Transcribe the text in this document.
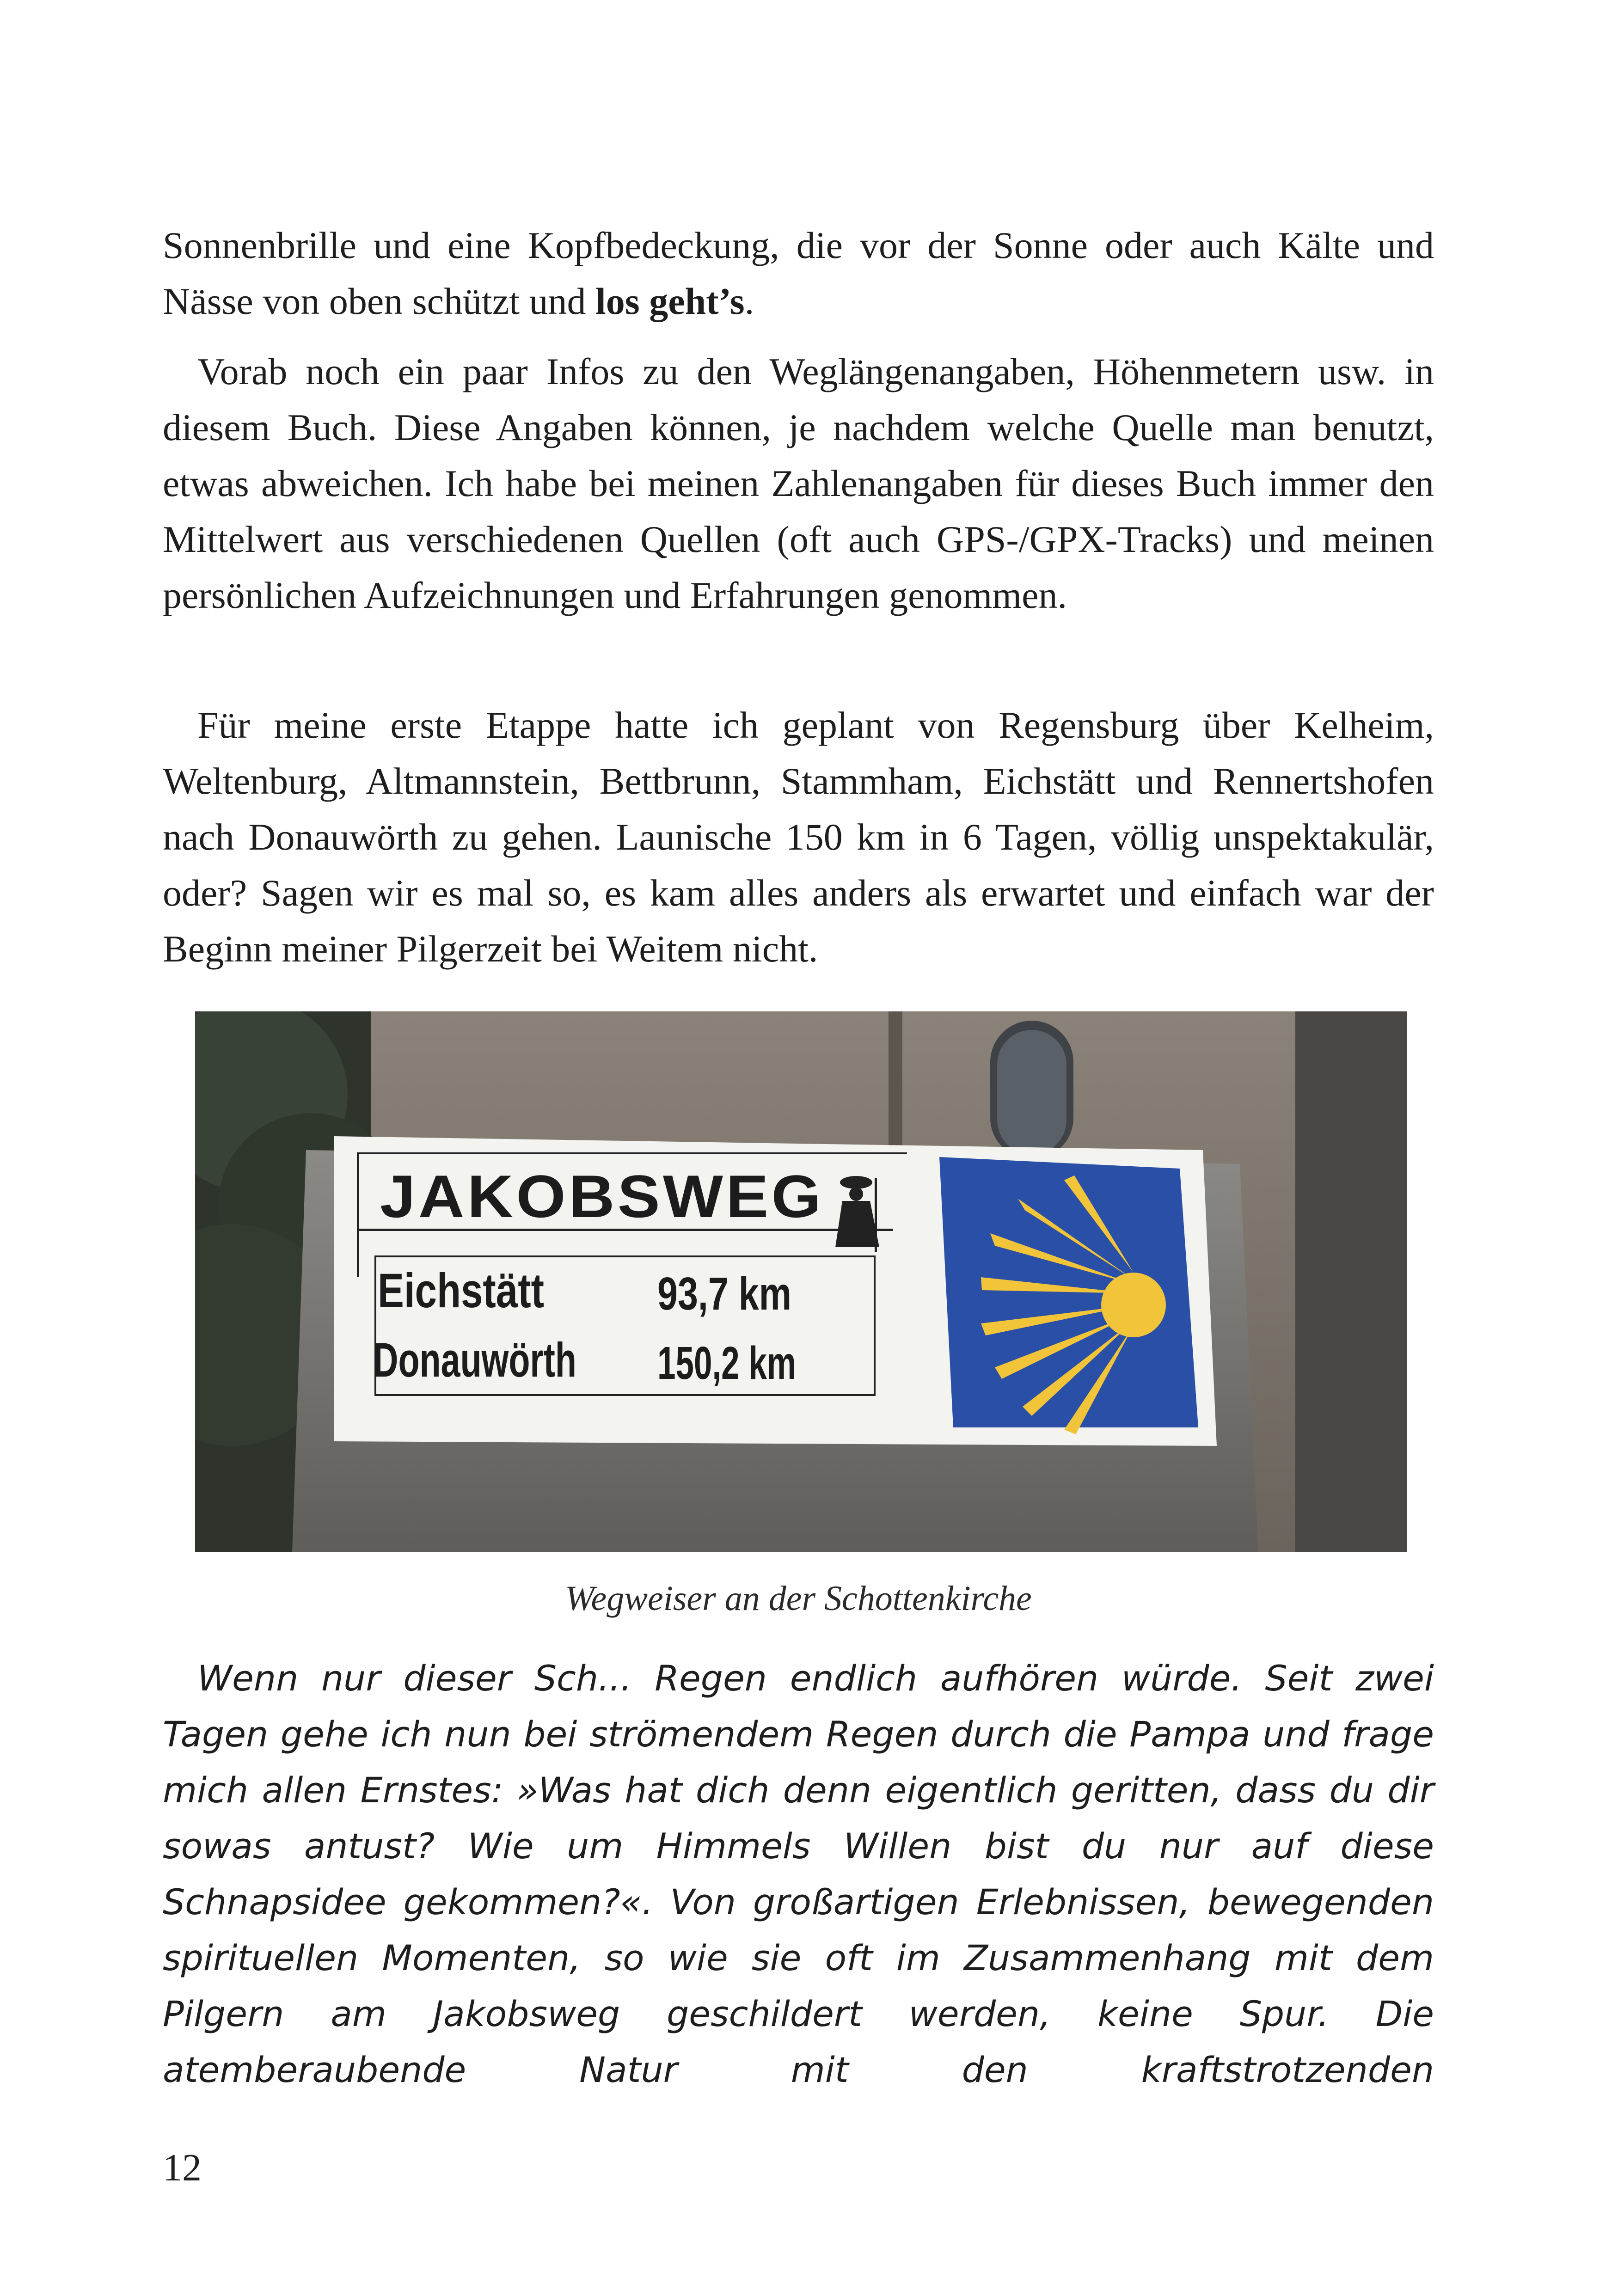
Sonnenbrille und eine Kopfbedeckung, die vor der Sonne oder auch Kälte und Nässe von oben schützt und los geht’s.

Vorab noch ein paar Infos zu den Weglängenangaben, Höhenmetern usw. in diesem Buch. Diese Angaben können, je nachdem welche Quelle man benutzt, etwas abweichen. Ich habe bei meinen Zahlenangaben für dieses Buch immer den Mittelwert aus verschiedenen Quellen (oft auch GPS-/GPX-Tracks) und meinen persönlichen Aufzeichnungen und Erfahrungen genommen.

Für meine erste Etappe hatte ich geplant von Regensburg über Kelheim, Weltenburg, Altmannstein, Bettbrunn, Stammham, Eichstätt und Rennertshofen nach Donauwörth zu gehen. Launische 150 km in 6 Tagen, völlig unspektakulär, oder? Sagen wir es mal so, es kam alles anders als erwartet und einfach war der Beginn meiner Pilgerzeit bei Weitem nicht.

JAKOBSWEG
Eichstätt 93,7 km
Donauwörth 150,2 km
Wegweiser an der Schottenkirche

Wenn nur dieser Sch... Regen endlich aufhören würde. Seit zwei Tagen gehe ich nun bei strömendem Regen durch die Pampa und frage mich allen Ernstes: »Was hat dich denn eigentlich geritten, dass du dir sowas antust? Wie um Himmels Willen bist du nur auf diese Schnapsidee gekommen?«. Von großartigen Erlebnissen, bewegenden spirituellen Momenten, so wie sie oft im Zusammenhang mit dem Pilgern am Jakobsweg geschildert werden, keine Spur. Die atemberaubende Natur mit den kraftstrotzenden

12
